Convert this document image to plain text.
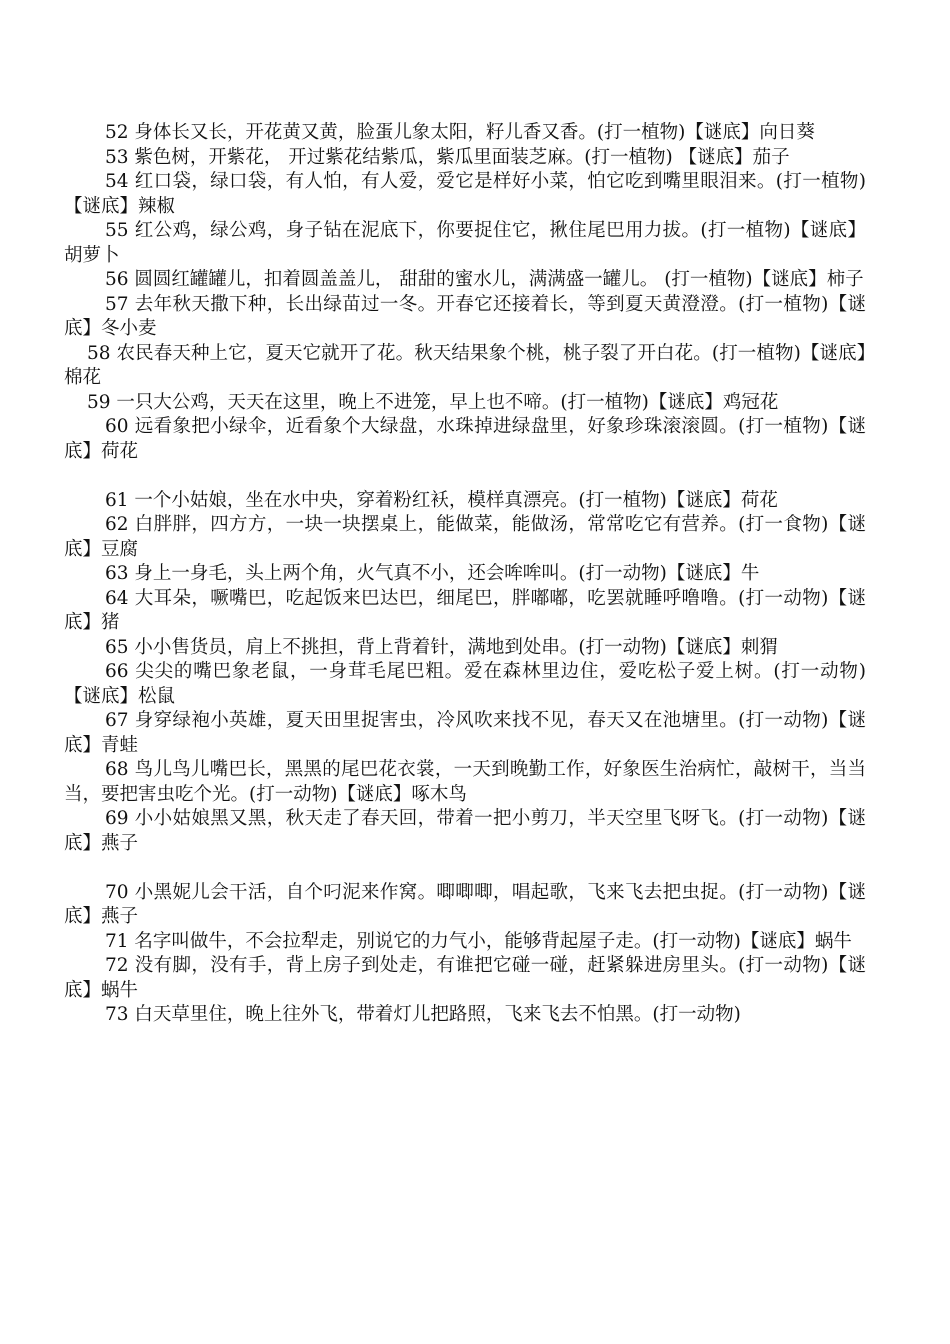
52 身体长又长，开花黄又黄，脸蛋儿象太阳，籽儿香又香。(打一植物)【谜底】向日葵

53 紫色树，开紫花， 开过紫花结紫瓜，紫瓜里面装芝麻。(打一植物) 【谜底】茄子

54 红口袋，绿口袋，有人怕，有人爱，爱它是样好小菜，怕它吃到嘴里眼泪来。(打一植物)【谜底】辣椒

55 红公鸡，绿公鸡，身子钻在泥底下，你要捉住它，揪住尾巴用力拔。(打一植物)【谜底】胡萝卜

56 圆圆红罐罐儿，扣着圆盖盖儿， 甜甜的蜜水儿，满满盛一罐儿。 (打一植物)【谜底】柿子

57 去年秋天撒下种，长出绿苗过一冬。开春它还接着长，等到夏天黄澄澄。(打一植物)【谜底】冬小麦

58 农民春天种上它，夏天它就开了花。秋天结果象个桃，桃子裂了开白花。(打一植物)【谜底】棉花

59 一只大公鸡，天天在这里，晚上不进笼，早上也不啼。(打一植物)【谜底】鸡冠花

60 远看象把小绿伞，近看象个大绿盘，水珠掉进绿盘里，好象珍珠滚滚圆。(打一植物)【谜底】荷花

61 一个小姑娘，坐在水中央，穿着粉红袄，模样真漂亮。(打一植物)【谜底】荷花

62 白胖胖，四方方，一块一块摆桌上，能做菜，能做汤，常常吃它有营养。(打一食物)【谜底】豆腐

63 身上一身毛，头上两个角，火气真不小，还会哞哞叫。(打一动物)【谜底】牛

64 大耳朵，噘嘴巴，吃起饭来巴达巴，细尾巴，胖嘟嘟，吃罢就睡呼噜噜。(打一动物)【谜底】猪

65 小小售货员，肩上不挑担，背上背着针，满地到处串。(打一动物)【谜底】刺猬

66 尖尖的嘴巴象老鼠，一身茸毛尾巴粗。爱在森林里边住，爱吃松子爱上树。(打一动物)【谜底】松鼠

67 身穿绿袍小英雄，夏天田里捉害虫，冷风吹来找不见，春天又在池塘里。(打一动物)【谜底】青蛙

68 鸟儿鸟儿嘴巴长，黑黑的尾巴花衣裳，一天到晚勤工作，好象医生治病忙，敲树干，当当当，要把害虫吃个光。(打一动物)【谜底】啄木鸟

69 小小姑娘黑又黑，秋天走了春天回，带着一把小剪刀，半天空里飞呀飞。(打一动物)【谜底】燕子

70 小黑妮儿会干活，自个叼泥来作窝。唧唧唧，唱起歌，飞来飞去把虫捉。(打一动物)【谜底】燕子

71 名字叫做牛，不会拉犁走，别说它的力气小，能够背起屋子走。(打一动物)【谜底】蜗牛

72 没有脚，没有手，背上房子到处走，有谁把它碰一碰，赶紧躲进房里头。(打一动物)【谜底】蜗牛

73 白天草里住，晚上往外飞，带着灯儿把路照，飞来飞去不怕黑。(打一动物)
